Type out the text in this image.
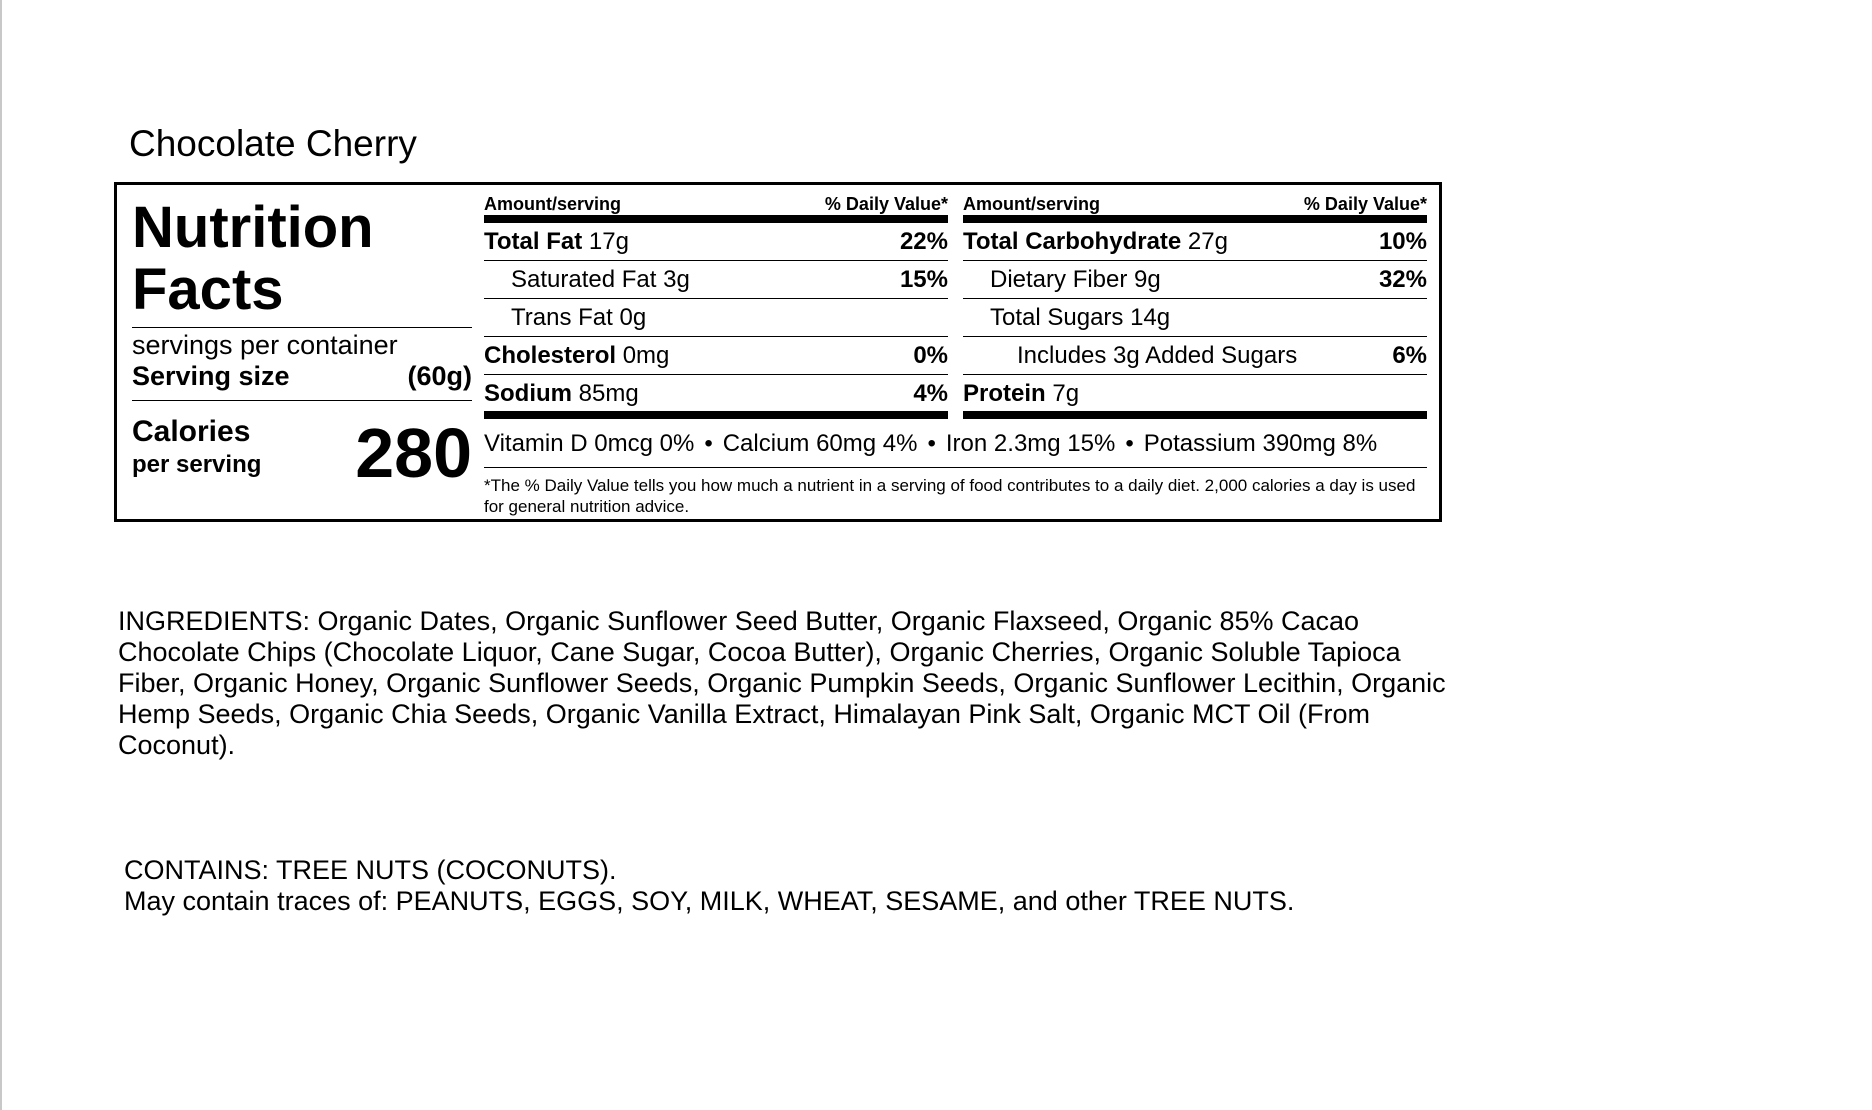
Chocolate Cherry
Nutrition
Facts
servings per container
Serving size	(60g)
Calories
per serving 280
Amount/serving	% Daily Value*
Total Fat 17g	22%
Saturated Fat 3g	15%
Trans Fat 0g
Cholesterol 0mg	0%
Sodium 85mg	4%
Amount/serving	% Daily Value*
Total Carbohydrate 27g	10%
Dietary Fiber 9g	32%
Total Sugars 14g
Includes 3g Added Sugars	6%
Protein 7g
Vitamin D 0mcg 0% • Calcium 60mg 4% • Iron 2.3mg 15% • Potassium 390mg 8%
*The % Daily Value tells you how much a nutrient in a serving of food contributes to a daily diet. 2,000 calories a day is used for general nutrition advice.
INGREDIENTS: Organic Dates, Organic Sunflower Seed Butter, Organic Flaxseed, Organic 85% Cacao Chocolate Chips (Chocolate Liquor, Cane Sugar, Cocoa Butter), Organic Cherries, Organic Soluble Tapioca Fiber, Organic Honey, Organic Sunflower Seeds, Organic Pumpkin Seeds, Organic Sunflower Lecithin, Organic Hemp Seeds, Organic Chia Seeds, Organic Vanilla Extract, Himalayan Pink Salt, Organic MCT Oil (From Coconut).
CONTAINS: TREE NUTS (COCONUTS).
May contain traces of: PEANUTS, EGGS, SOY, MILK, WHEAT, SESAME, and other TREE NUTS.
